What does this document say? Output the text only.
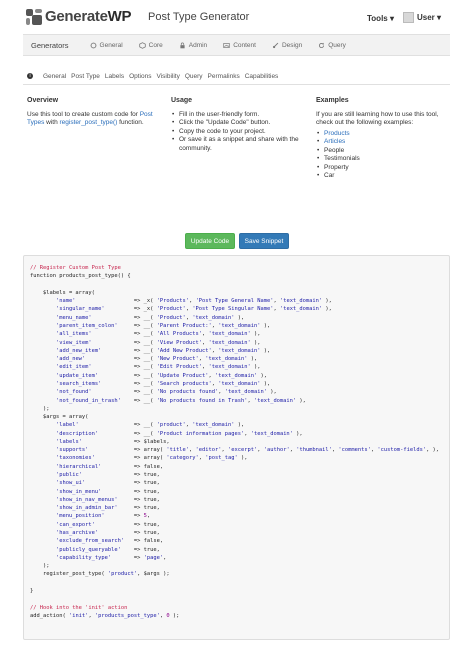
GenerateWP Post Type Generator	Tools ▾	User ▾
Generators	General	Core	Admin	Content	Design	Query
i	General Post Type Labels Options Visibility Query Permalinks Capabilities
Overview

Use this tool to create custom code for Post Types with register_post_type() function.

Usage
• Fill in the user-friendly form.
• Click the "Update Code" button.
• Copy the code to your project.
• Or save it as a snippet and share with the community.
Examples

If you are still learning how to use this tool, check out the following examples:

• Products
• Articles
• People
• Testimonials
• Property
• Car
Update Code	Save Snippet
// Register Custom Post Type
function products_post_type() {

$labels = array(
'name'                  => _x( 'Products', 'Post Type General Name', 'text_domain' ),
'singular_name'         => _x( 'Product', 'Post Type Singular Name', 'text_domain' ),
'menu_name'             => __( 'Product', 'text_domain' ),
'parent_item_colon'     => __( 'Parent Product:', 'text_domain' ),
'all_items'             => __( 'All Products', 'text_domain' ),
'view_item'             => __( 'View Product', 'text_domain' ),
'add_new_item'          => __( 'Add New Product', 'text_domain' ),
'add_new'               => __( 'New Product', 'text_domain' ),
'edit_item'             => __( 'Edit Product', 'text_domain' ),
'update_item'           => __( 'Update Product', 'text_domain' ),
'search_items'          => __( 'Search products', 'text_domain' ),
'not_found'             => __( 'No products found', 'text_domain' ),
'not_found_in_trash'    => __( 'No products found in Trash', 'text_domain' ),
);
$args = array(
'label'                 => __( 'product', 'text_domain' ),
'description'           => __( 'Product information pages', 'text_domain' ),
'labels'	=> $labels,
'supports'              => array( 'title', 'editor', 'excerpt', 'author', 'thumbnail', 'comments', 'custom-fields', ),
'taxonomies'            => array( 'category', 'post_tag' ),
'hierarchical'	=> false,
'public'	=> true,
'show_ui'	=> true,
'show_in_menu'	=> true,
'show_in_nav_menus'	=> true,
'show_in_admin_bar'	=> true,
'menu_position'         => 5,
'can_export'	=> true,
'has_archive'	=> true,
'exclude_from_search'   => false,
'publicly_queryable'    => true,
'capability_type'       => 'page',
);
register_post_type( 'product', $args );

}

// Hook into the 'init' action
add_action( 'init', 'products_post_type', 0 );
